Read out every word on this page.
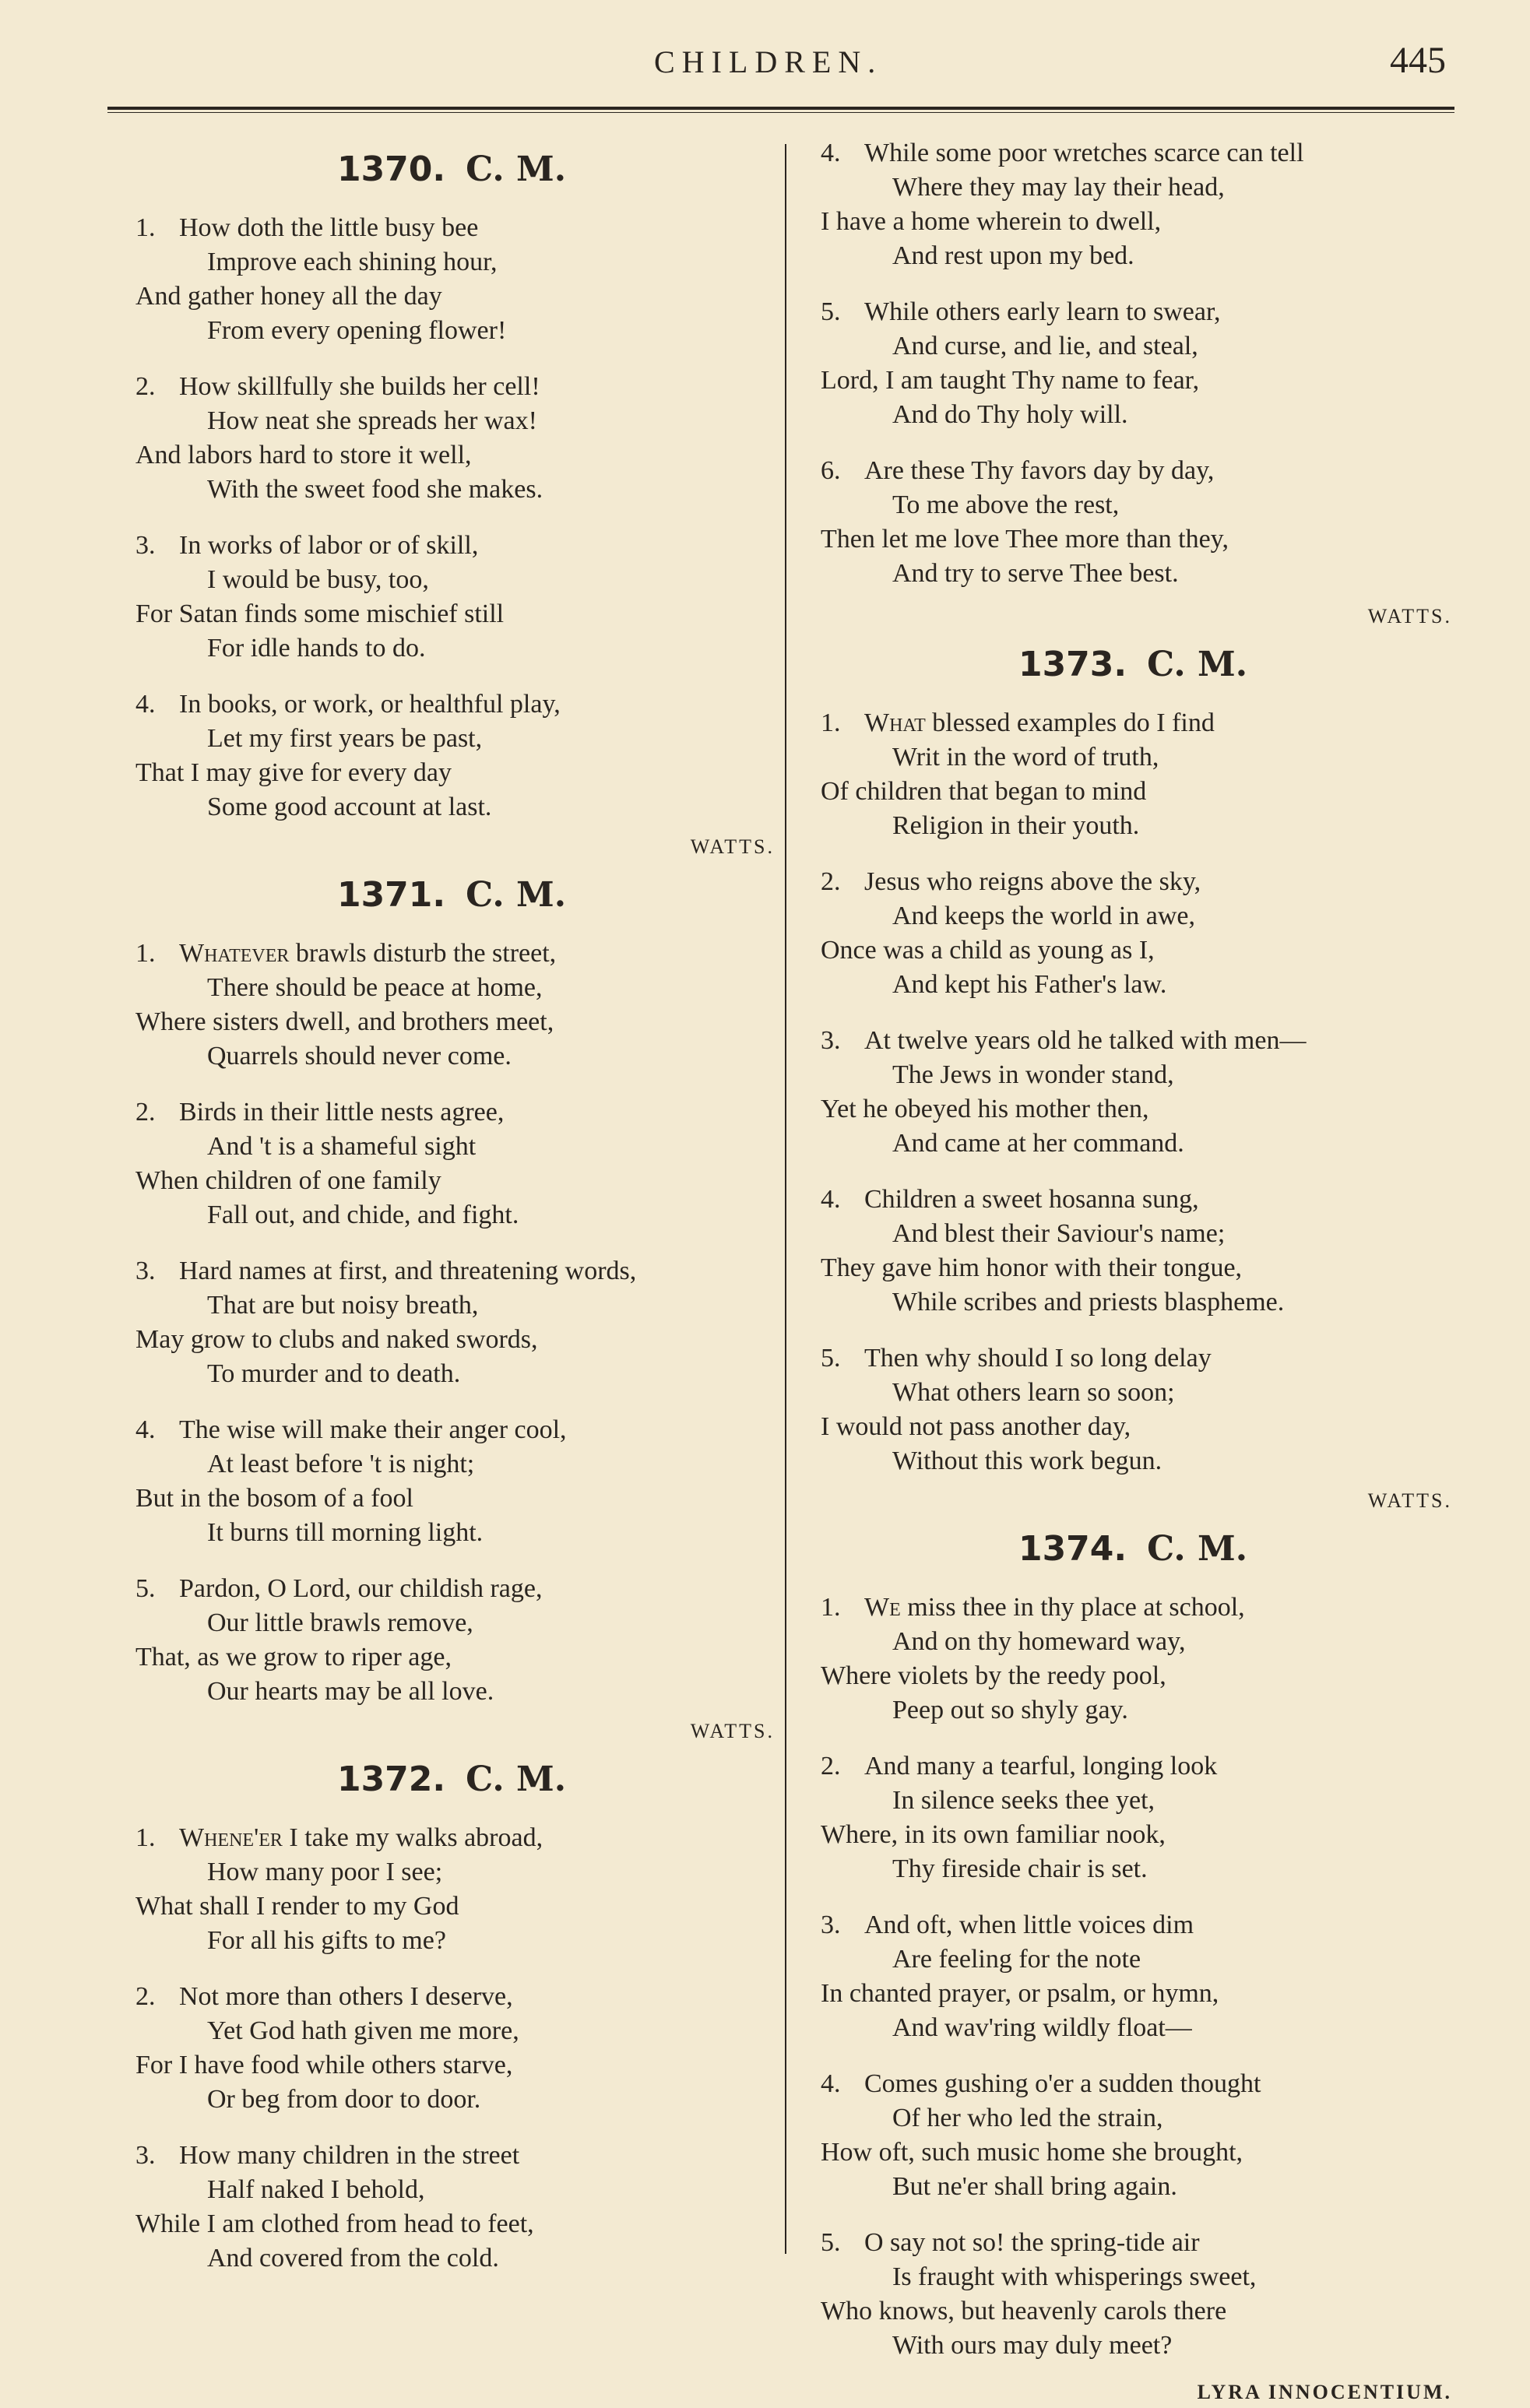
CHILDREN.	445
1370. C. M.
1. How doth the little busy bee
Improve each shining hour,
And gather honey all the day
From every opening flower!
2. How skillfully she builds her cell!
How neat she spreads her wax!
And labors hard to store it well,
With the sweet food she makes.
3. In works of labor or of skill,
I would be busy, too,
For Satan finds some mischief still
For idle hands to do.
4. In books, or work, or healthful play,
Let my first years be past,
That I may give for every day
Some good account at last.
WATTS.
1371. C. M.
1. Whatever brawls disturb the street,
There should be peace at home,
Where sisters dwell, and brothers meet,
Quarrels should never come.
2. Birds in their little nests agree,
And 't is a shameful sight
When children of one family
Fall out, and chide, and fight.
3. Hard names at first, and threatening words,
That are but noisy breath,
May grow to clubs and naked swords,
To murder and to death.
4. The wise will make their anger cool,
At least before 't is night;
But in the bosom of a fool
It burns till morning light.
5. Pardon, O Lord, our childish rage,
Our little brawls remove,
That, as we grow to riper age,
Our hearts may be all love.
WATTS.
1372. C. M.
1. Whene'er I take my walks abroad,
How many poor I see;
What shall I render to my God
For all his gifts to me?
2. Not more than others I deserve,
Yet God hath given me more,
For I have food while others starve,
Or beg from door to door.
3. How many children in the street
Half naked I behold,
While I am clothed from head to feet,
And covered from the cold.
4. While some poor wretches scarce can tell
Where they may lay their head,
I have a home wherein to dwell,
And rest upon my bed.
5. While others early learn to swear,
And curse, and lie, and steal,
Lord, I am taught Thy name to fear,
And do Thy holy will.
6. Are these Thy favors day by day,
To me above the rest,
Then let me love Thee more than they,
And try to serve Thee best.
WATTS.
1373. C. M.
1. What blessed examples do I find
Writ in the word of truth,
Of children that began to mind
Religion in their youth.
2. Jesus who reigns above the sky,
And keeps the world in awe,
Once was a child as young as I,
And kept his Father's law.
3. At twelve years old he talked with men—
The Jews in wonder stand,
Yet he obeyed his mother then,
And came at her command.
4. Children a sweet hosanna sung,
And blest their Saviour's name;
They gave him honor with their tongue,
While scribes and priests blaspheme.
5. Then why should I so long delay
What others learn so soon;
I would not pass another day,
Without this work begun.
WATTS.
1374. C. M.
1. We miss thee in thy place at school,
And on thy homeward way,
Where violets by the reedy pool,
Peep out so shyly gay.
2. And many a tearful, longing look
In silence seeks thee yet,
Where, in its own familiar nook,
Thy fireside chair is set.
3. And oft, when little voices dim
Are feeling for the note
In chanted prayer, or psalm, or hymn,
And wav'ring wildly float—
4. Comes gushing o'er a sudden thought
Of her who led the strain,
How oft, such music home she brought,
But ne'er shall bring again.
5. O say not so! the spring-tide air
Is fraught with whisperings sweet,
Who knows, but heavenly carols there
With ours may duly meet?
LYRA INNOCENTIUM.
